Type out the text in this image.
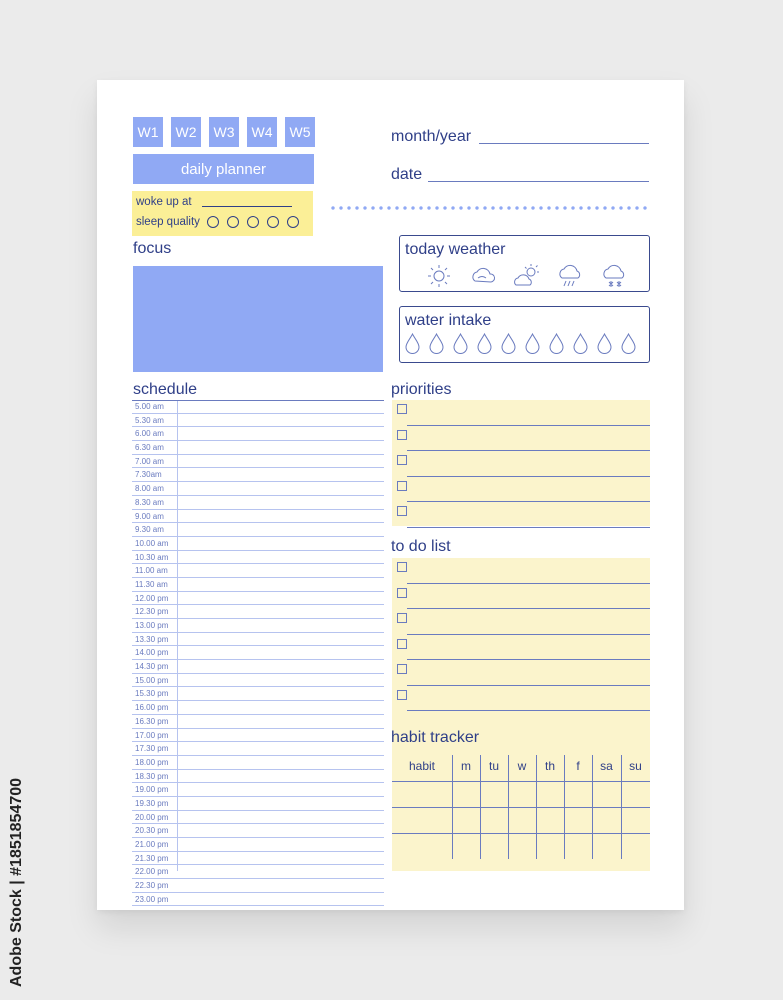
W1	W2	W3	W4	W5
daily planner
woke up at
sleep quality
month/year
date
focus	today weather
water intake
schedule
5.00 am
5.30 am
6.00 am
6.30 am
7.00 am
7.30am
8.00 am
8.30 am
9.00 am
9.30 am
10.00 am
10.30 am
11.00 am
11.30 am
12.00 pm
12.30 pm
13.00 pm
13.30 pm
14.00 pm
14.30 pm
15.00 pm
15.30 pm
16.00 pm
16.30 pm
17.00 pm
17.30 pm
18.00 pm
18.30 pm
19.00 pm
19.30 pm
20.00 pm
20.30 pm
21.00 pm
21.30 pm
22.00 pm
22.30 pm
23.00 pm
priorities
to do list
habit tracker
habit	m	tu	w	th	f	sa	su
Adobe Stock | #1851854700
